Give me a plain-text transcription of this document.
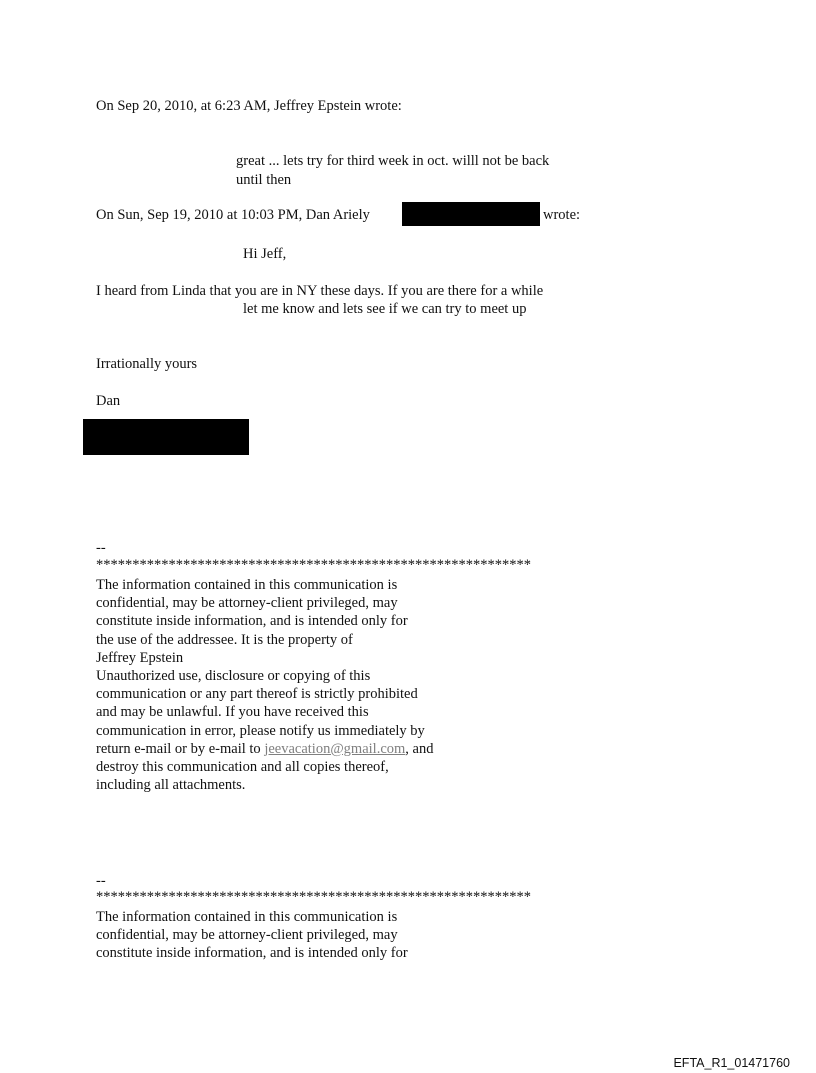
On Sep 20, 2010, at 6:23 AM, Jeffrey Epstein wrote:
great ... lets try for third week in oct. willl not be back
until then
On Sun, Sep 19, 2010 at 10:03 PM, Dan Ariely	wrote:
Hi Jeff,
I heard from Linda that you are in NY these days. If you are there for a while
let me know and lets see if we can try to meet up
Irrationally yours
Dan
--
************************************************************
The information contained in this communication is
confidential, may be attorney-client privileged, may
constitute inside information, and is intended only for
the use of the addressee. It is the property of
Jeffrey Epstein
Unauthorized use, disclosure or copying of this
communication or any part thereof is strictly prohibited
and may be unlawful. If you have received this
communication in error, please notify us immediately by
return e-mail or by e-mail to jeevacation@gmail.com, and
destroy this communication and all copies thereof,
including all attachments.
--
************************************************************
The information contained in this communication is
confidential, may be attorney-client privileged, may
constitute inside information, and is intended only for
EFTA_R1_01471760
